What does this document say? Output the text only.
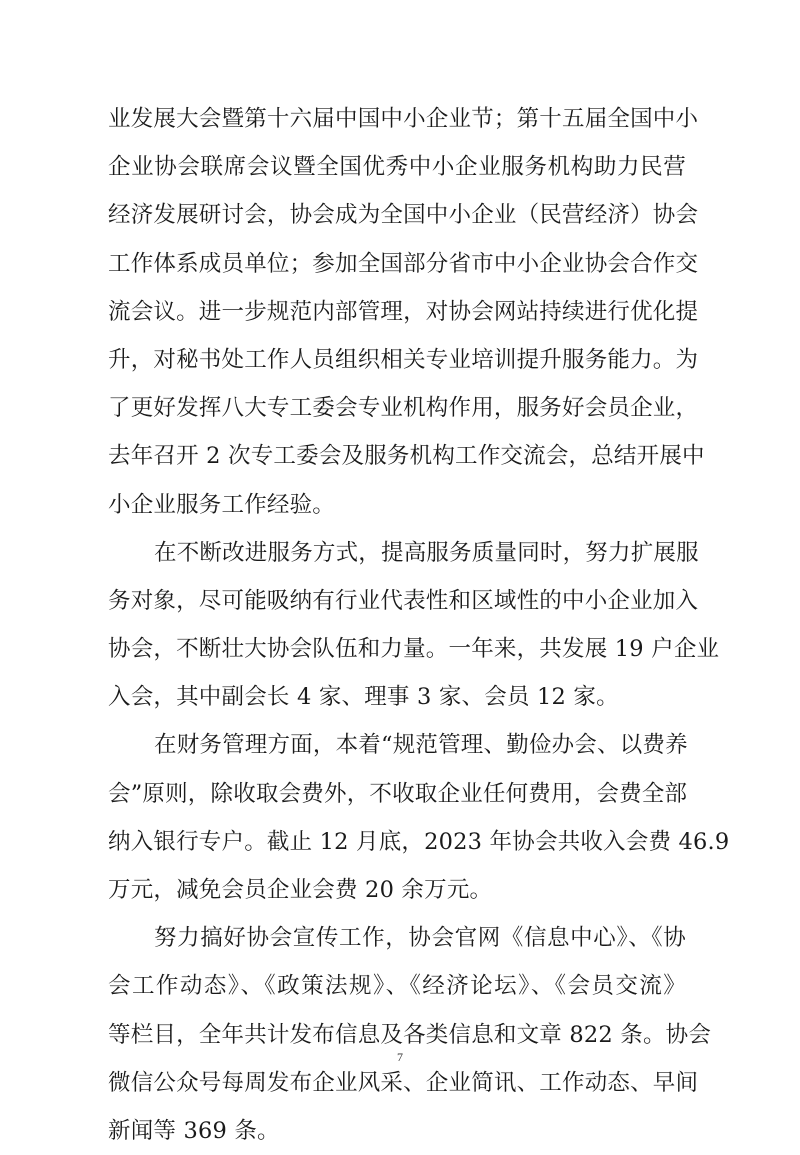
业发展大会暨第十六届中国中小企业节；第十五届全国中小
企业协会联席会议暨全国优秀中小企业服务机构助力民营
经济发展研讨会，协会成为全国中小企业（民营经济）协会
工作体系成员单位；参加全国部分省市中小企业协会合作交
流会议。进一步规范内部管理，对协会网站持续进行优化提
升，对秘书处工作人员组织相关专业培训提升服务能力。为
了更好发挥八大专工委会专业机构作用，服务好会员企业，
去年召开 2 次专工委会及服务机构工作交流会，总结开展中
小企业服务工作经验。
在不断改进服务方式，提高服务质量同时，努力扩展服
务对象，尽可能吸纳有行业代表性和区域性的中小企业加入
协会，不断壮大协会队伍和力量。一年来，共发展 19 户企业
入会，其中副会长 4 家、理事 3 家、会员 12 家。
在财务管理方面，本着“规范管理、勤俭办会、以费养
会”原则，除收取会费外，不收取企业任何费用，会费全部
纳入银行专户。截止 12 月底，2023 年协会共收入会费 46.9
万元，减免会员企业会费 20 余万元。
努力搞好协会宣传工作，协会官网《信息中心》、《协
会工作动态》、《政策法规》、《经济论坛》、《会员交流》
等栏目，全年共计发布信息及各类信息和文章 822 条。协会
微信公众号每周发布企业风采、企业简讯、工作动态、早间
新闻等 369 条。
7
